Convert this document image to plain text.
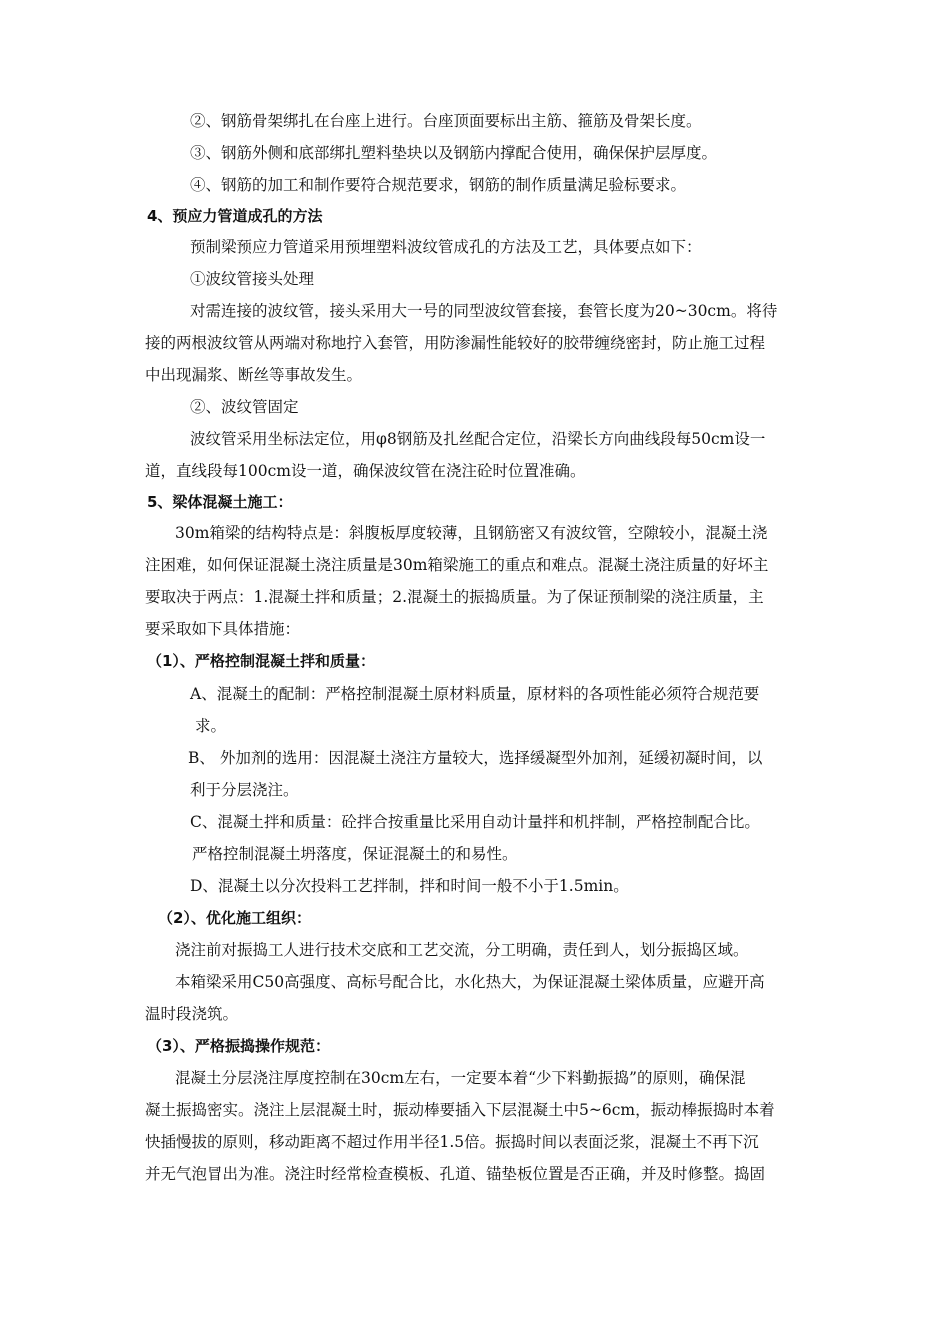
②、钢筋骨架绑扎在台座上进行。台座顶面要标出主筋、箍筋及骨架长度。
③、钢筋外侧和底部绑扎塑料垫块以及钢筋内撑配合使用，确保保护层厚度。
④、钢筋的加工和制作要符合规范要求，钢筋的制作质量满足验标要求。
4、预应力管道成孔的方法
预制梁预应力管道采用预埋塑料波纹管成孔的方法及工艺，具体要点如下：
①波纹管接头处理
对需连接的波纹管，接头采用大一号的同型波纹管套接，套管长度为20~30cm。将待
接的两根波纹管从两端对称地拧入套管，用防渗漏性能较好的胶带缠绕密封，防止施工过程
中出现漏浆、断丝等事故发生。
②、波纹管固定
波纹管采用坐标法定位，用φ8钢筋及扎丝配合定位，沿梁长方向曲线段每50cm设一
道，直线段每100cm设一道，确保波纹管在浇注砼时位置准确。
5、梁体混凝土施工：
30m箱梁的结构特点是：斜腹板厚度较薄，且钢筋密又有波纹管，空隙较小，混凝土浇
注困难，如何保证混凝土浇注质量是30m箱梁施工的重点和难点。混凝土浇注质量的好坏主
要取决于两点：1.混凝土拌和质量；2.混凝土的振捣质量。为了保证预制梁的浇注质量，主
要采取如下具体措施：
（1）、严格控制混凝土拌和质量：
A、混凝土的配制：严格控制混凝土原材料质量，原材料的各项性能必须符合规范要
求。
B、 外加剂的选用：因混凝土浇注方量较大，选择缓凝型外加剂，延缓初凝时间，以
利于分层浇注。
C、混凝土拌和质量：砼拌合按重量比采用自动计量拌和机拌制，严格控制配合比。
严格控制混凝土坍落度，保证混凝土的和易性。
D、混凝土以分次投料工艺拌制，拌和时间一般不小于1.5min。
（2）、优化施工组织：
浇注前对振捣工人进行技术交底和工艺交流，分工明确，责任到人，划分振捣区域。
本箱梁采用C50高强度、高标号配合比，水化热大，为保证混凝土梁体质量，应避开高
温时段浇筑。
（3）、严格振捣操作规范：
混凝土分层浇注厚度控制在30cm左右，一定要本着“少下料勤振捣”的原则，确保混
凝土振捣密实。浇注上层混凝土时，振动棒要插入下层混凝土中5~6cm，振动棒振捣时本着
快插慢拔的原则，移动距离不超过作用半径1.5倍。振捣时间以表面泛浆，混凝土不再下沉
并无气泡冒出为准。浇注时经常检查模板、孔道、锚垫板位置是否正确，并及时修整。捣固
